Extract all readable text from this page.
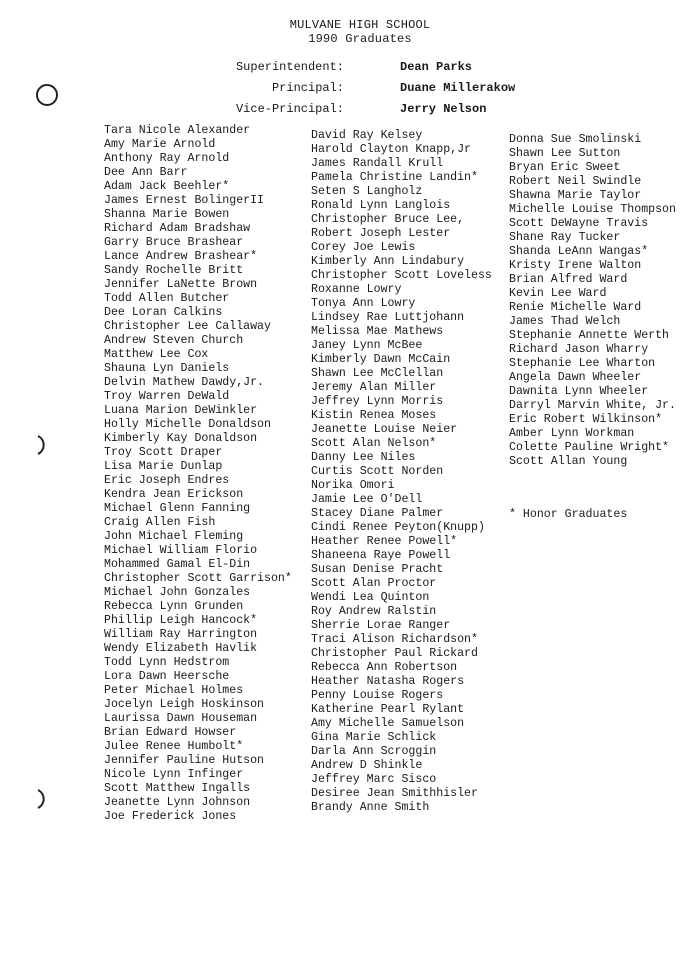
MULVANE HIGH SCHOOL
1990 Graduates
Superintendent:	Dean Parks
Principal:	Duane Millerakow
Vice-Principal:	Jerry Nelson
Tara Nicole Alexander
Amy Marie Arnold
Anthony Ray Arnold
Dee Ann Barr
Adam Jack Beehler*
James Ernest BolingerII
Shanna Marie Bowen
Richard Adam Bradshaw
Garry Bruce Brashear
Lance Andrew Brashear*
Sandy Rochelle Britt
Jennifer LaNette Brown
Todd Allen Butcher
Dee Loran Calkins
Christopher Lee Callaway
Andrew Steven Church
Matthew Lee Cox
Shauna Lyn Daniels
Delvin Mathew Dawdy,Jr.
Troy Warren DeWald
Luana Marion DeWinkler
Holly Michelle Donaldson
Kimberly Kay Donaldson
Troy Scott Draper
Lisa Marie Dunlap
Eric Joseph Endres
Kendra Jean Erickson
Michael Glenn Fanning
Craig Allen Fish
John Michael Fleming
Michael William Florio
Mohammed Gamal El-Din
Christopher Scott Garrison*
Michael John Gonzales
Rebecca Lynn Grunden
Phillip Leigh Hancock*
William Ray Harrington
Wendy Elizabeth Havlik
Todd Lynn Hedstrom
Lora Dawn Heersche
Peter Michael Holmes
Jocelyn Leigh Hoskinson
Laurissa Dawn Houseman
Brian Edward Howser
Julee Renee Humbolt*
Jennifer Pauline Hutson
Nicole Lynn Infinger
Scott Matthew Ingalls
Jeanette Lynn Johnson
Joe Frederick Jones
David Ray Kelsey
Harold Clayton Knapp,Jr
James Randall Krull
Pamela Christine Landin*
Seten S Langholz
Ronald Lynn Langlois
Christopher Bruce Lee,
Robert Joseph Lester
Corey Joe Lewis
Kimberly Ann Lindabury
Christopher Scott Loveless
Roxanne Lowry
Tonya Ann Lowry
Lindsey Rae Luttjohann
Melissa Mae Mathews
Janey Lynn McBee
Kimberly Dawn McCain
Shawn Lee McClellan
Jeremy Alan Miller
Jeffrey Lynn Morris
Kistin Renea Moses
Jeanette Louise Neier
Scott Alan Nelson*
Danny Lee Niles
Curtis Scott Norden
Norika Omori
Jamie Lee O'Dell
Stacey Diane Palmer
Cindi Renee Peyton(Knupp)
Heather Renee Powell*
Shaneena Raye Powell
Susan Denise Pracht
Scott Alan Proctor
Wendi Lea Quinton
Roy Andrew Ralstin
Sherrie Lorae Ranger
Traci Alison Richardson*
Christopher Paul Rickard
Rebecca Ann Robertson
Heather Natasha Rogers
Penny Louise Rogers
Katherine Pearl Rylant
Amy Michelle Samuelson
Gina Marie Schlick
Darla Ann Scroggin
Andrew D Shinkle
Jeffrey Marc Sisco
Desiree Jean Smithhisler
Brandy Anne Smith
Donna Sue Smolinski
Shawn Lee Sutton
Bryan Eric Sweet
Robert Neil Swindle
Shawna Marie Taylor
Michelle Louise Thompson
Scott DeWayne Travis
Shane Ray Tucker
Shanda LeAnn Wangas*
Kristy Irene Walton
Brian Alfred Ward
Kevin Lee Ward
Renie Michelle Ward
James Thad Welch
Stephanie Annette Werth
Richard Jason Wharry
Stephanie Lee Wharton
Angela Dawn Wheeler
Dawnita Lynn Wheeler
Darryl Marvin White, Jr.
Eric Robert Wilkinson*
Amber Lynn Workman
Colette Pauline Wright*
Scott Allan Young
* Honor Graduates
